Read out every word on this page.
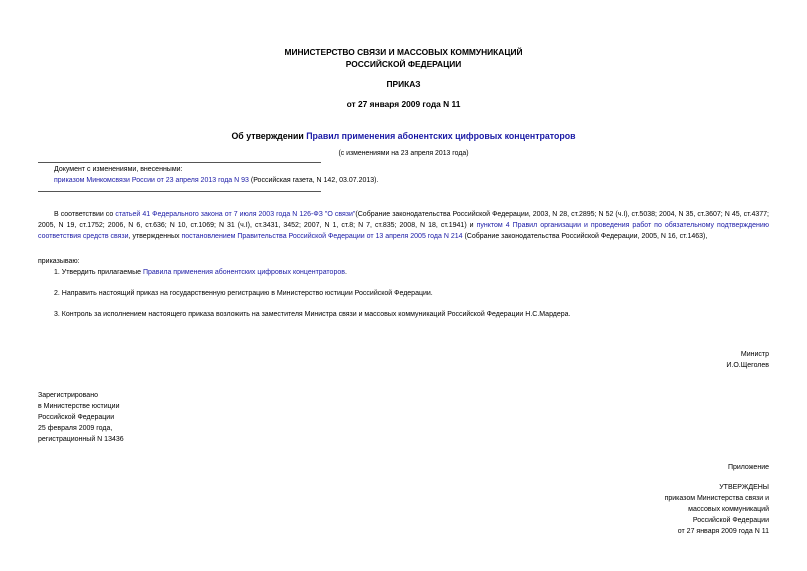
МИНИСТЕРСТВО СВЯЗИ И МАССОВЫХ КОММУНИКАЦИЙ
РОССИЙСКОЙ ФЕДЕРАЦИИ
ПРИКАЗ
от 27 января 2009 года N 11
Об утверждении Правил применения абонентских цифровых концентраторов
(с изменениями на 23 апреля 2013 года)
Документ с изменениями, внесенными:
приказом Минкомсвязи России от 23 апреля 2013 года N 93 (Российская газета, N 142, 03.07.2013).
В соответствии со статьей 41 Федерального закона от 7 июля 2003 года N 126-ФЗ "О связи"(Собрание законодательства Российской Федерации, 2003, N 28, ст.2895; N 52 (ч.I), ст.5038; 2004, N 35, ст.3607; N 45, ст.4377; 2005, N 19, ст.1752; 2006, N 6, ст.636; N 10, ст.1069; N 31 (ч.I), ст.3431, 3452; 2007, N 1, ст.8; N 7, ст.835; 2008, N 18, ст.1941) и пунктом 4 Правил организации и проведения работ по обязательному подтверждению соответствия средств связи, утвержденных постановлением Правительства Российской Федерации от 13 апреля 2005 года N 214 (Собрание законодательства Российской Федерации, 2005, N 16, ст.1463),
приказываю:
1. Утвердить прилагаемые Правила применения абонентских цифровых концентраторов.
2. Направить настоящий приказ на государственную регистрацию в Министерство юстиции Российской Федерации.
3. Контроль за исполнением настоящего приказа возложить на заместителя Министра связи и массовых коммуникаций Российской Федерации Н.С.Мардера.
Министр
И.О.Щеголев
Зарегистрировано
в Министерстве юстиции
Российской Федерации
25 февраля 2009 года,
регистрационный N 13436
Приложение
УТВЕРЖДЕНЫ
приказом Министерства связи и
массовых коммуникаций
Российской Федерации
от 27 января 2009 года N 11
